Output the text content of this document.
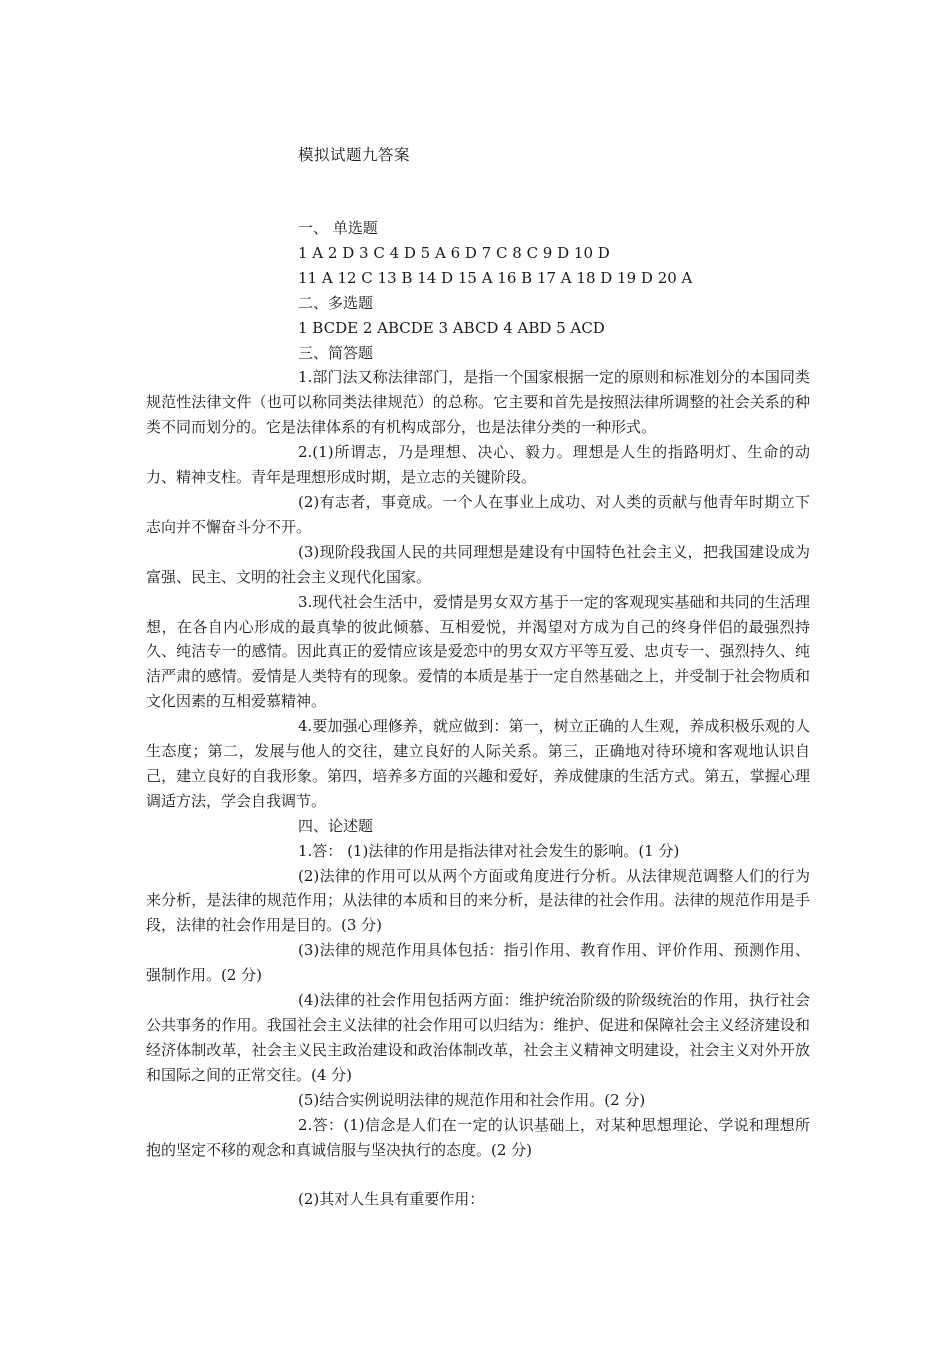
模拟试题九答案

一、 单选题

1 A 2 D 3 C 4 D 5 A 6 D 7 C 8 C 9 D 10 D

11 A 12 C 13 B 14 D 15 A 16 B 17 A 18 D 19 D 20 A

二、多选题

1 BCDE 2 ABCDE 3 ABCD 4 ABD 5 ACD

三、简答题

1.部门法又称法律部门，是指一个国家根据一定的原则和标准划分的本国同类规范性法律文件（也可以称同类法律规范）的总称。它主要和首先是按照法律所调整的社会关系的种类不同而划分的。它是法律体系的有机构成部分，也是法律分类的一种形式。

2.(1)所谓志，乃是理想、决心、毅力。理想是人生的指路明灯、生命的动力、精神支柱。青年是理想形成时期，是立志的关键阶段。

(2)有志者，事竟成。一个人在事业上成功、对人类的贡献与他青年时期立下志向并不懈奋斗分不开。

(3)现阶段我国人民的共同理想是建设有中国特色社会主义，把我国建设成为富强、民主、文明的社会主义现代化国家。

3.现代社会生活中，爱情是男女双方基于一定的客观现实基础和共同的生活理想，在各自内心形成的最真挚的彼此倾慕、互相爱悦，并渴望对方成为自己的终身伴侣的最强烈持久、纯洁专一的感情。因此真正的爱情应该是爱恋中的男女双方平等互爱、忠贞专一、强烈持久、纯洁严肃的感情。爱情是人类特有的现象。爱情的本质是基于一定自然基础之上，并受制于社会物质和文化因素的互相爱慕精神。

4.要加强心理修养，就应做到：第一，树立正确的人生观，养成积极乐观的人生态度；第二，发展与他人的交往，建立良好的人际关系。第三，正确地对待环境和客观地认识自己，建立良好的自我形象。第四，培养多方面的兴趣和爱好，养成健康的生活方式。第五，掌握心理调适方法，学会自我调节。

四、论述题

1.答： (1)法律的作用是指法律对社会发生的影响。(1 分)

(2)法律的作用可以从两个方面或角度进行分析。从法律规范调整人们的行为来分析，是法律的规范作用；从法律的本质和目的来分析，是法律的社会作用。法律的规范作用是手段，法律的社会作用是目的。(3 分)

(3)法律的规范作用具体包括：指引作用、教育作用、评价作用、预测作用、强制作用。(2 分)

(4)法律的社会作用包括两方面：维护统治阶级的阶级统治的作用，执行社会公共事务的作用。我国社会主义法律的社会作用可以归结为：维护、促进和保障社会主义经济建设和经济体制改革，社会主义民主政治建设和政治体制改革，社会主义精神文明建设，社会主义对外开放和国际之间的正常交往。(4 分)

(5)结合实例说明法律的规范作用和社会作用。(2 分)

2.答：(1)信念是人们在一定的认识基础上，对某种思想理论、学说和理想所抱的坚定不移的观念和真诚信服与坚决执行的态度。(2 分)

(2)其对人生具有重要作用：
